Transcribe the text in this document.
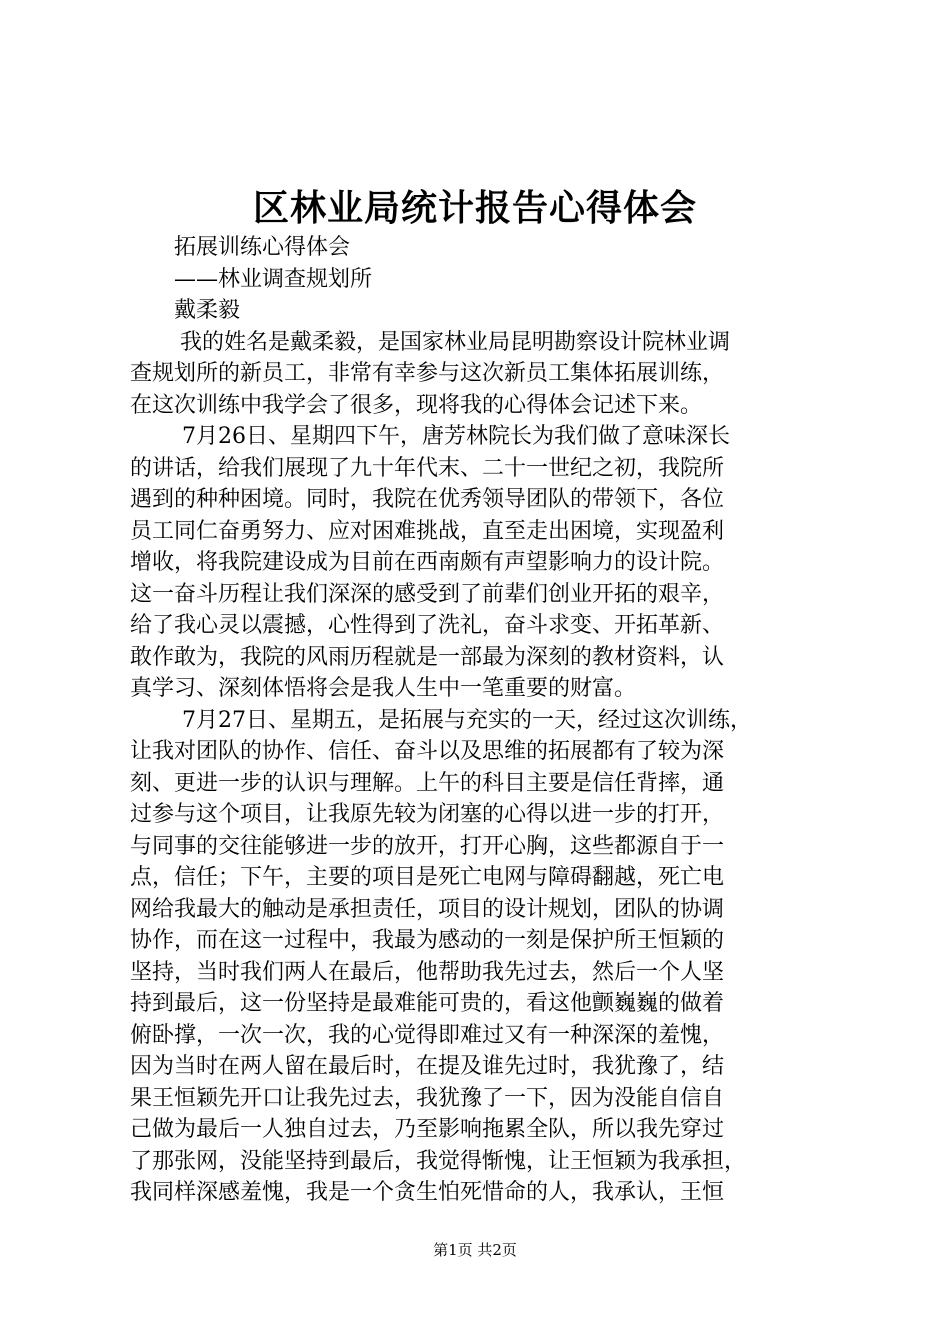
区林业局统计报告心得体会
拓展训练心得体会
——林业调查规划所
戴柔毅
我的姓名是戴柔毅，是国家林业局昆明勘察设计院林业调
查规划所的新员工，非常有幸参与这次新员工集体拓展训练，
在这次训练中我学会了很多，现将我的心得体会记述下来。
7月26日、星期四下午，唐芳林院长为我们做了意味深长
的讲话，给我们展现了九十年代末、二十一世纪之初，我院所
遇到的种种困境。同时，我院在优秀领导团队的带领下，各位
员工同仁奋勇努力、应对困难挑战，直至走出困境，实现盈利
增收，将我院建设成为目前在西南颇有声望影响力的设计院。
这一奋斗历程让我们深深的感受到了前辈们创业开拓的艰辛，
给了我心灵以震撼，心性得到了洗礼，奋斗求变、开拓革新、
敢作敢为，我院的风雨历程就是一部最为深刻的教材资料，认
真学习、深刻体悟将会是我人生中一笔重要的财富。
7月27日、星期五，是拓展与充实的一天，经过这次训练，
让我对团队的协作、信任、奋斗以及思维的拓展都有了较为深
刻、更进一步的认识与理解。上午的科目主要是信任背摔，通
过参与这个项目，让我原先较为闭塞的心得以进一步的打开，
与同事的交往能够进一步的放开，打开心胸，这些都源自于一
点，信任；下午，主要的项目是死亡电网与障碍翻越，死亡电
网给我最大的触动是承担责任，项目的设计规划，团队的协调
协作，而在这一过程中，我最为感动的一刻是保护所王恒颖的
坚持，当时我们两人在最后，他帮助我先过去，然后一个人坚
持到最后，这一份坚持是最难能可贵的，看这他颤巍巍的做着
俯卧撑，一次一次，我的心觉得即难过又有一种深深的羞愧，
因为当时在两人留在最后时，在提及谁先过时，我犹豫了，结
果王恒颖先开口让我先过去，我犹豫了一下，因为没能自信自
己做为最后一人独自过去，乃至影响拖累全队，所以我先穿过
了那张网，没能坚持到最后，我觉得惭愧，让王恒颖为我承担，
我同样深感羞愧，我是一个贪生怕死惜命的人，我承认，王恒
第1页 共2页
